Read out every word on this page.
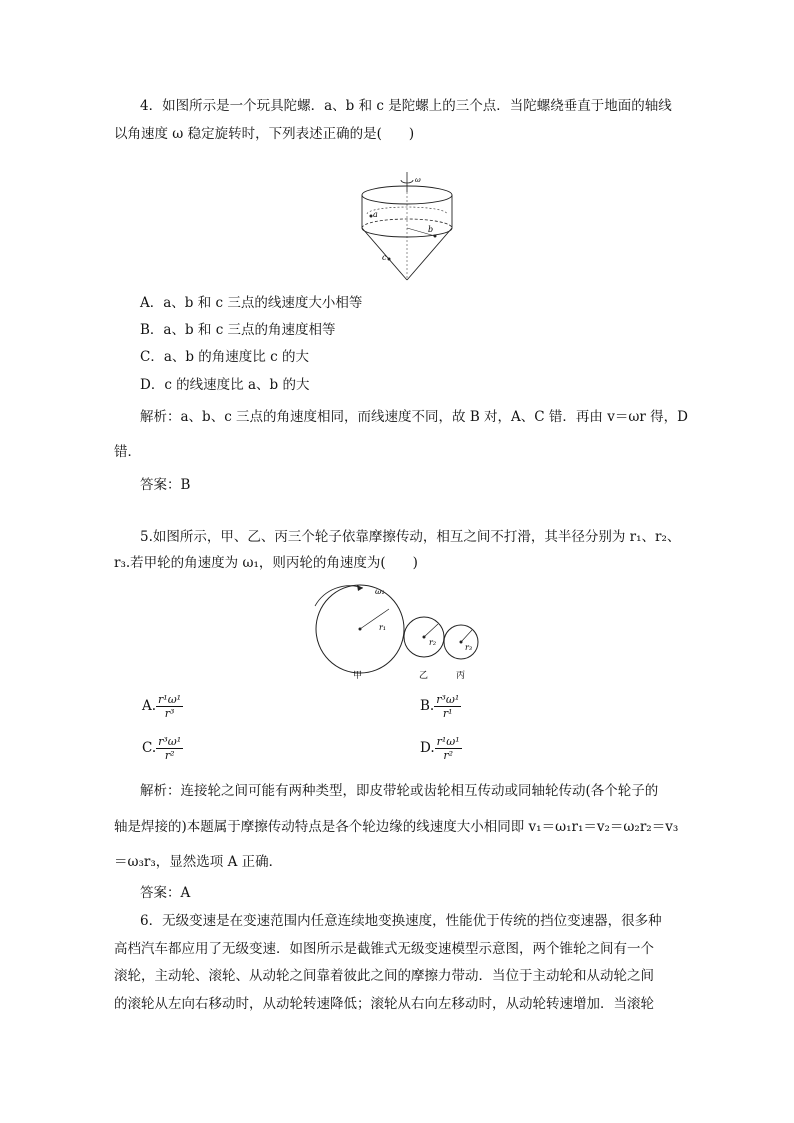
4．如图所示是一个玩具陀螺．a、b 和 c 是陀螺上的三个点．当陀螺绕垂直于地面的轴线
以角速度 ω 稳定旋转时，下列表述正确的是(　　)
ω
a
b
c
A．a、b 和 c 三点的线速度大小相等
B．a、b 和 c 三点的角速度相等
C．a、b 的角速度比 c 的大
D．c 的线速度比 a、b 的大
解析：a、b、c 三点的角速度相同，而线速度不同，故 B 对，A、C 错．再由 v＝ωr 得，D
错．
答案：B
5.如图所示，甲、乙、丙三个轮子依靠摩擦传动，相互之间不打滑，其半径分别为 r₁、r₂、
r₃.若甲轮的角速度为 ω₁，则丙轮的角速度为(　　)
ω₁
r₁
r₂
r₃
甲	乙	丙
A. $\frac{\text{r¹ω¹}}{\text{r³}}$	B. $\frac{\text{r³ω¹}}{\text{r¹}}$
C. $\frac{\text{r³ω¹}}{\text{r²}}$	D. $\frac{\text{r¹ω¹}}{\text{r²}}$
解析：连接轮之间可能有两种类型，即皮带轮或齿轮相互传动或同轴轮传动(各个轮子的
轴是焊接的)本题属于摩擦传动特点是各个轮边缘的线速度大小相同即 v₁＝ω₁r₁＝v₂＝ω₂r₂＝v₃
＝ω₃r₃，显然选项 A 正确．
答案：A
6．无级变速是在变速范围内任意连续地变换速度，性能优于传统的挡位变速器，很多种
高档汽车都应用了无级变速．如图所示是截锥式无级变速模型示意图，两个锥轮之间有一个
滚轮，主动轮、滚轮、从动轮之间靠着彼此之间的摩擦力带动．当位于主动轮和从动轮之间
的滚轮从左向右移动时，从动轮转速降低；滚轮从右向左移动时，从动轮转速增加．当滚轮
